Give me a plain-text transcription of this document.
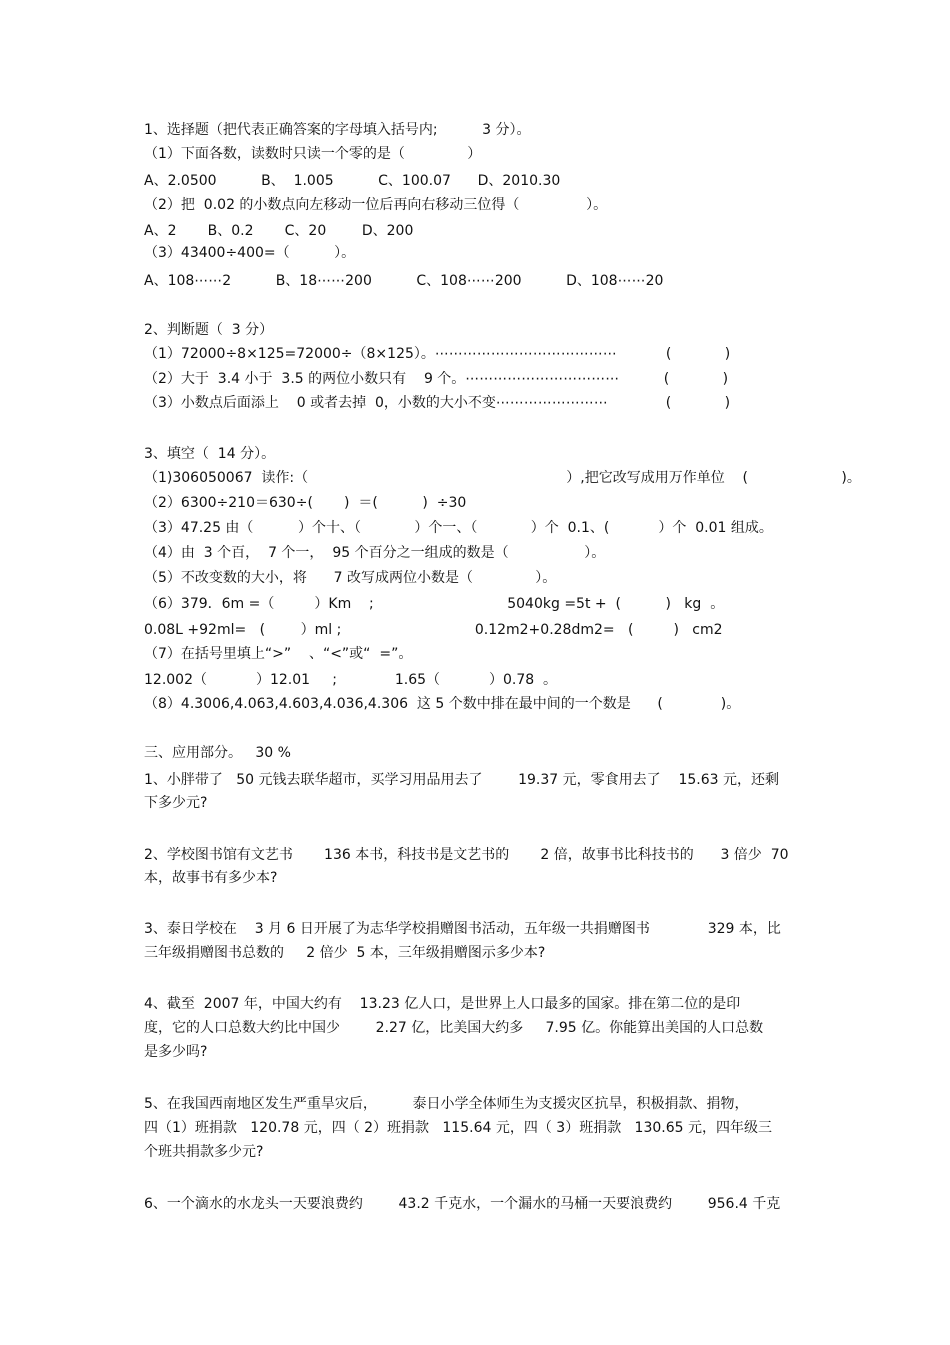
1、选择题（把代表正确答案的字母填入括号内;          3 分）。
（1）下面各数，读数时只读一个零的是（              ）
A、2.0500          B、  1.005          C、100.07      D、2010.30
（2）把  0.02 的小数点向左移动一位后再向右移动三位得（               ）。
A、2       B、0.2       C、20        D、200
（3）43400÷400=（          ）。
A、108⋯⋯2          B、18⋯⋯200          C、108⋯⋯200          D、108⋯⋯20
2、判断题（  3 分）
（1）72000÷8×125=72000÷（8×125）。⋯⋯⋯⋯⋯⋯⋯⋯⋯⋯⋯⋯⋯           (            )
（2）大于  3.4 小于  3.5 的两位小数只有    9 个。⋯⋯⋯⋯⋯⋯⋯⋯⋯⋯⋯          (            )
（3）小数点后面添上    0 或者去掉  0，小数的大小不变⋯⋯⋯⋯⋯⋯⋯⋯             (            )
3、填空（  14 分）。
（1)306050067  读作:（                                                          ）,把它改写成用万作单位    (                     )。
（2）6300÷210＝630÷(       )  ＝(          )  ÷30
（3）47.25 由（          ）个十、（            ）个一、（            ）个  0.1、(           ）个  0.01 组成。
（4）由  3 个百，  7 个一，  95 个百分之一组成的数是（                 ）。
（5）不改变数的大小，将      7 改写成两位小数是（              ）。
（6）379．6m =（         ）Km    ;                              5040kg =5t +  (          )   kg  。
0.08L +92ml=   (        ）ml ;                              0.12m2+0.28dm2=   (         )   cm2
（7）在括号里填上“>”    、“<”或“  =”。
12.002（           ）12.01     ;             1.65（           ）0.78  。
（8）4.3006,4.063,4.603,4.036,4.306  这 5 个数中排在最中间的一个数是      (             )。
三、应用部分。   30 %
1、小胖带了   50 元钱去联华超市，买学习用品用去了        19.37 元，零食用去了    15.63 元，还剩
下多少元?
2、学校图书馆有文艺书       136 本书，科技书是文艺书的       2 倍，故事书比科技书的      3 倍少  70
本，故事书有多少本?
3、泰日学校在    3 月 6 日开展了为志华学校捐赠图书活动，五年级一共捐赠图书             329 本，比
三年级捐赠图书总数的     2 倍少  5 本，三年级捐赠图示多少本?
4、截至  2007 年，中国大约有    13.23 亿人口，是世界上人口最多的国家。排在第二位的是印
度，它的人口总数大约比中国少        2.27 亿，比美国大约多     7.95 亿。你能算出美国的人口总数
是多少吗?
5、在我国西南地区发生严重旱灾后，        泰日小学全体师生为支援灾区抗旱，积极捐款、捐物，
四（1）班捐款   120.78 元，四（ 2）班捐款   115.64 元，四（ 3）班捐款   130.65 元，四年级三
个班共捐款多少元?
6、一个滴水的水龙头一天要浪费约        43.2 千克水，一个漏水的马桶一天要浪费约        956.4 千克
